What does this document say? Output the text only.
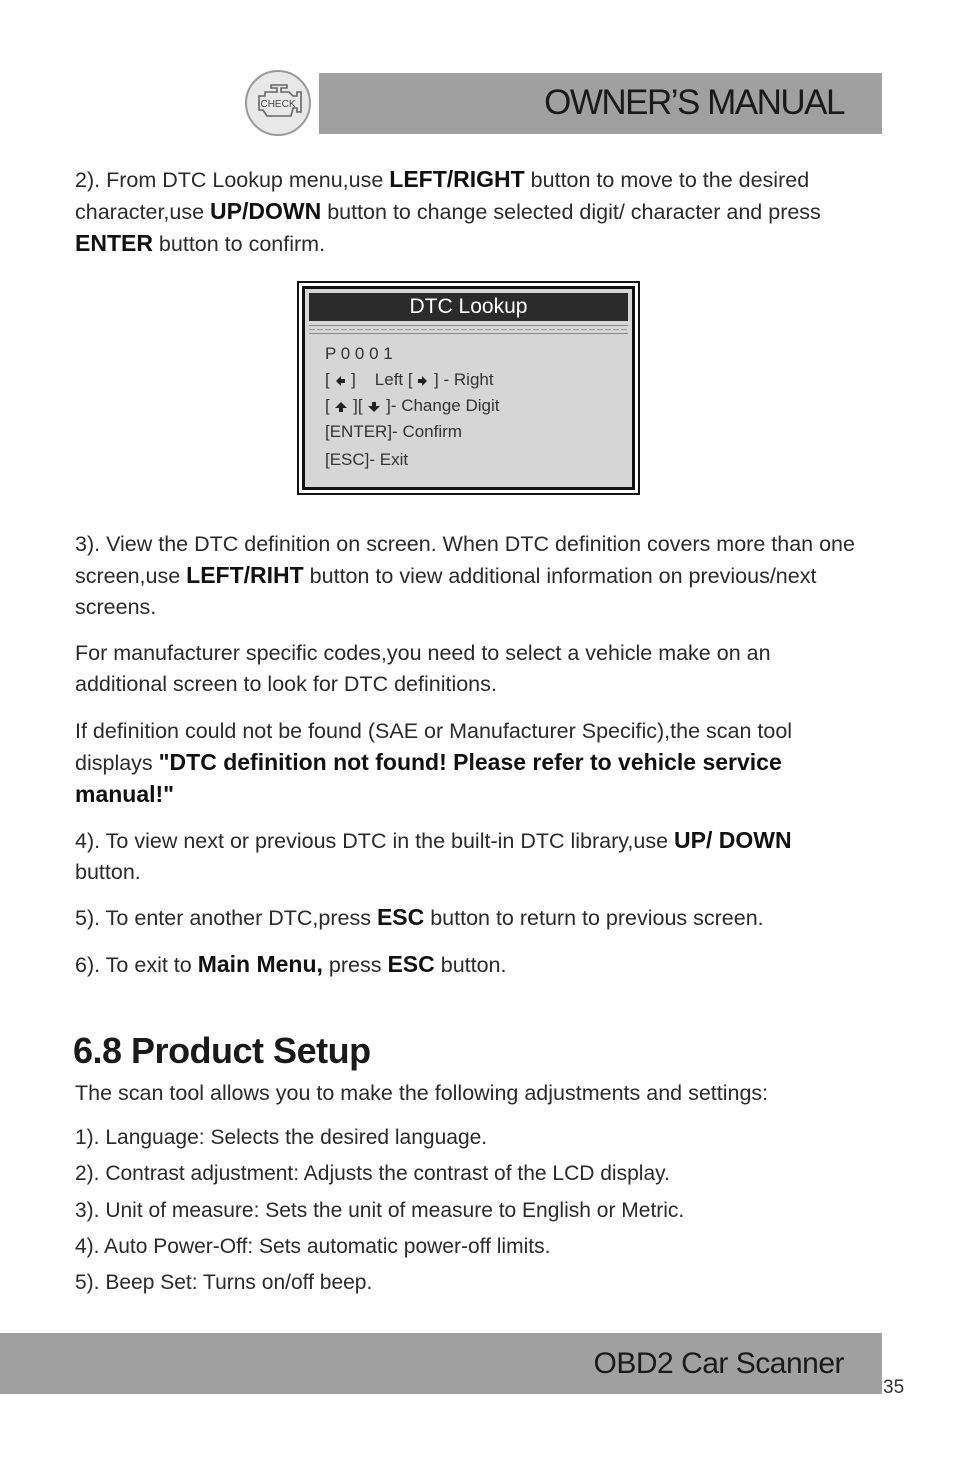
OWNER’S MANUAL
CHECK
2). From DTC Lookup menu,use LEFT/RIGHT button to move to the desired character,use UP/DOWN button to change selected digit/ character and press ENTER button to confirm.
DTC Lookup
P 0 0 0 1
[  ]    Left [  ] - Right
[  ][  ]- Change Digit
[ENTER]- Confirm
[ESC]- Exit
3). View the DTC definition on screen. When DTC definition covers more than one screen,use LEFT/RIHT button to view additional information on previous/next screens.
For manufacturer specific codes,you need to select a vehicle make on an additional screen to look for DTC definitions.
If definition could not be found (SAE or Manufacturer Specific),the scan tool displays "DTC definition not found! Please refer to vehicle service manual!"
4). To view next or previous DTC in the built-in DTC library,use UP/ DOWN button.
5). To enter another DTC,press ESC button to return to previous screen.
6). To exit to Main Menu, press ESC button.
6.8 Product Setup
The scan tool allows you to make the following adjustments and settings:
1). Language: Selects the desired language.
2). Contrast adjustment: Adjusts the contrast of the LCD display.
3). Unit of measure: Sets the unit of measure to English or Metric.
4). Auto Power-Off: Sets automatic power-off limits.
5). Beep Set: Turns on/off beep.
OBD2 Car Scanner
35
